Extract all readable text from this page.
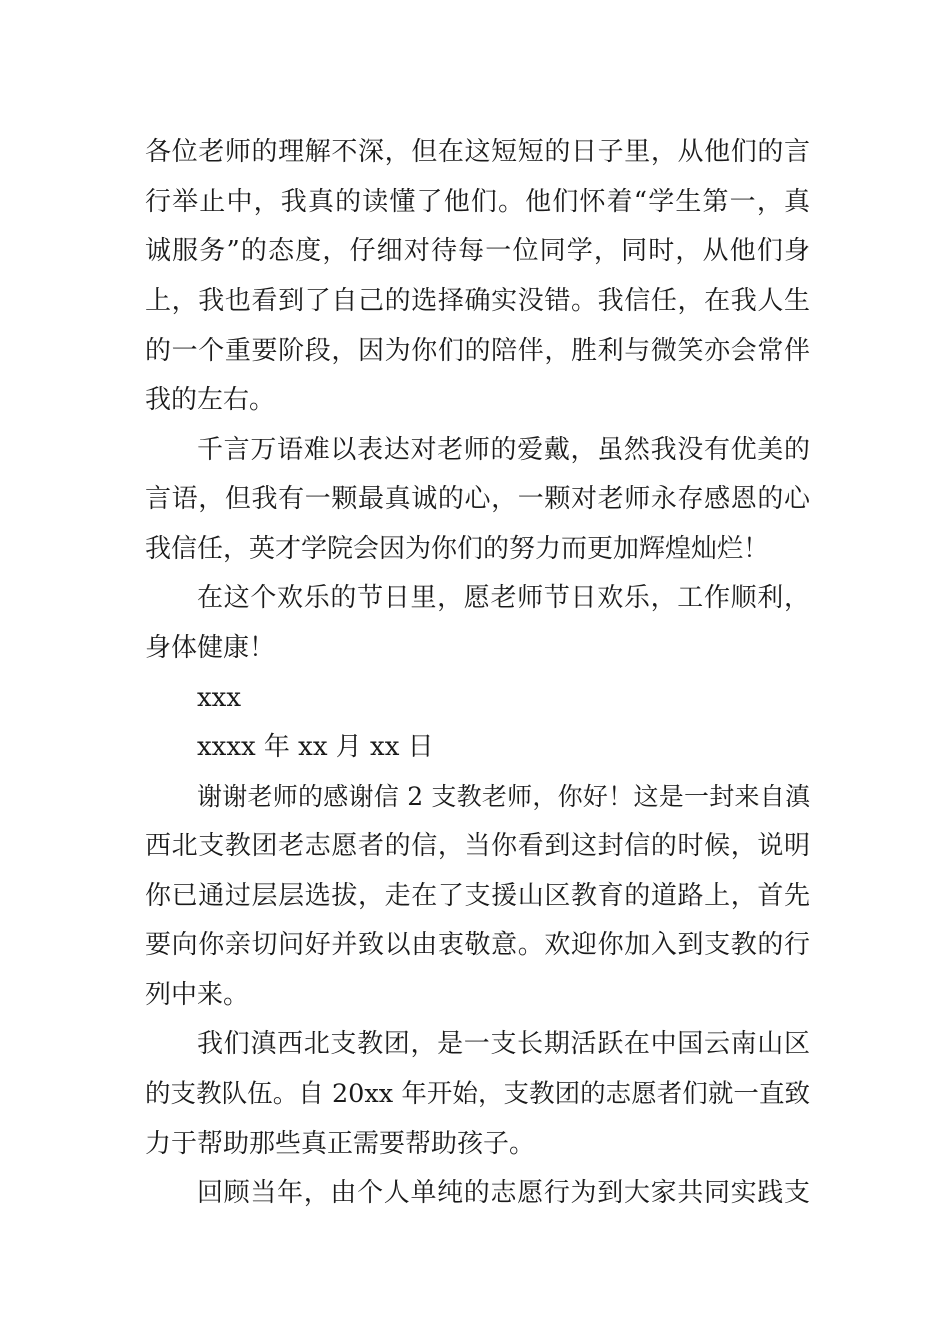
各位老师的理解不深，但在这短短的日子里，从他们的言
行举止中，我真的读懂了他们。他们怀着“学生第一，真
诚服务”的态度，仔细对待每一位同学，同时，从他们身
上，我也看到了自己的选择确实没错。我信任，在我人生
的一个重要阶段，因为你们的陪伴，胜利与微笑亦会常伴
我的左右。
千言万语难以表达对老师的爱戴，虽然我没有优美的
言语，但我有一颗最真诚的心，一颗对老师永存感恩的心
我信任，英才学院会因为你们的努力而更加辉煌灿烂！
在这个欢乐的节日里，愿老师节日欢乐，工作顺利，
身体健康！
xxx
xxxx 年 xx 月 xx 日
谢谢老师的感谢信 2 支教老师，你好！这是一封来自滇
西北支教团老志愿者的信，当你看到这封信的时候，说明
你已通过层层选拔，走在了支援山区教育的道路上，首先
要向你亲切问好并致以由衷敬意。欢迎你加入到支教的行
列中来。
我们滇西北支教团，是一支长期活跃在中国云南山区
的支教队伍。自 20xx 年开始，支教团的志愿者们就一直致
力于帮助那些真正需要帮助孩子。
回顾当年，由个人单纯的志愿行为到大家共同实践支
